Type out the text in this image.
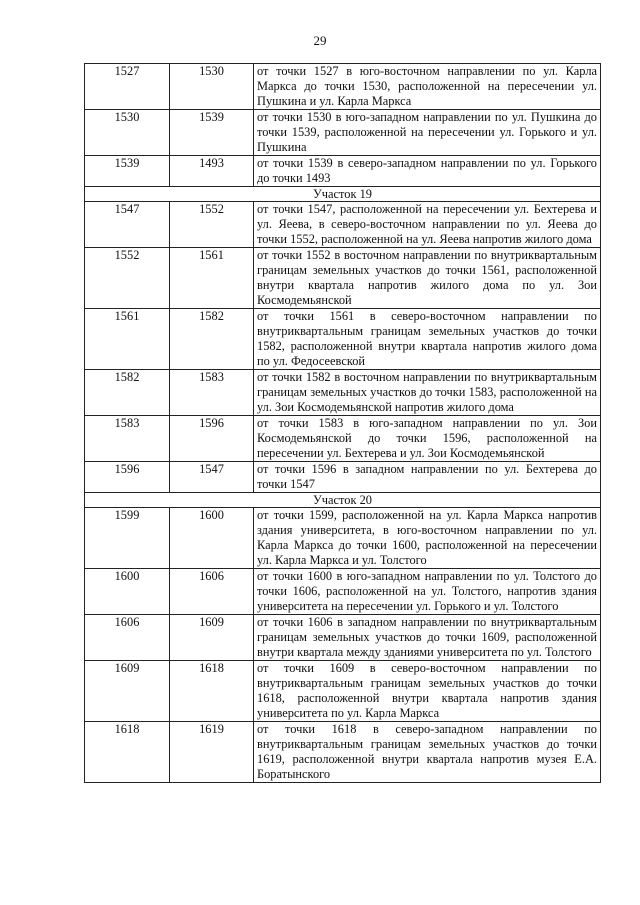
29
1527	1530	от точки 1527 в юго-восточном направлении по ул. Карла Маркса до точки 1530, расположенной на пересечении ул. Пушкина и ул. Карла Маркса
1530	1539	от точки 1530 в юго-западном направлении по ул. Пушкина до точки 1539, расположенной на пересечении ул. Горького и ул. Пушкина
1539	1493	от точки 1539 в северо-западном направлении по ул. Горького до точки 1493
Участок 19		
1547	1552	от точки 1547, расположенной на пересечении ул. Бехтерева и ул. Яеева, в северо-восточном направлении по ул. Яеева до точки 1552, расположенной на ул. Яеева напротив жилого дома
1552	1561	от точки 1552 в восточном направлении по внутриквартальным границам земельных участков до точки 1561, расположенной внутри квартала напротив жилого дома по ул. Зои Космодемьянской
1561	1582	от точки 1561 в северо-восточном направлении по внутриквартальным границам земельных участков до точки 1582, расположенной внутри квартала напротив жилого дома по ул. Федосеевской
1582	1583	от точки 1582 в восточном направлении по внутриквартальным границам земельных участков до точки 1583, расположенной на ул. Зои Космодемьянской напротив жилого дома
1583	1596	от точки 1583 в юго-западном направлении по ул. Зои Космодемьянской до точки 1596, расположенной на пересечении ул. Бехтерева и ул. Зои Космодемьянской
1596	1547	от точки 1596 в западном направлении по ул. Бехтерева до точки 1547
Участок 20		
1599	1600	от точки 1599, расположенной на ул. Карла Маркса напротив здания университета, в юго-восточном направлении по ул. Карла Маркса до точки 1600, расположенной на пересечении ул. Карла Маркса и ул. Толстого
1600	1606	от точки 1600 в юго-западном направлении по ул. Толстого до точки 1606, расположенной на ул. Толстого, напротив здания университета на пересечении ул. Горького и ул. Толстого
1606	1609	от точки 1606 в западном направлении по внутриквартальным границам земельных участков до точки 1609, расположенной внутри квартала между зданиями университета по ул. Толстого
1609	1618	от точки 1609 в северо-восточном направлении по внутриквартальным границам земельных участков до точки 1618, расположенной внутри квартала напротив здания университета по ул. Карла Маркса
1618	1619	от точки 1618 в северо-западном направлении по внутриквартальным границам земельных участков до точки 1619, расположенной внутри квартала напротив музея Е.А. Боратынского
